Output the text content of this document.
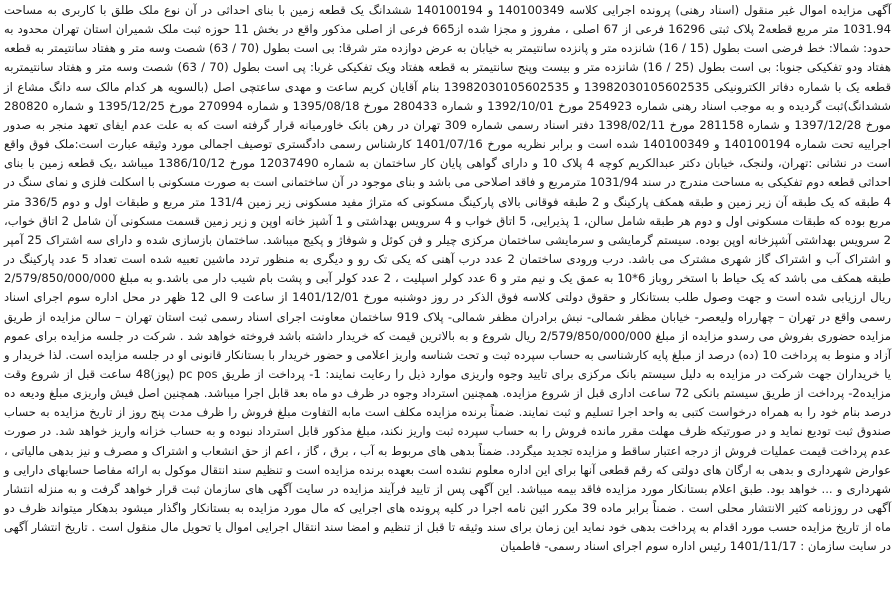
آگهی مزایده اموال غیر منقول (اسناد رهنی) پرونده اجرایی کلاسه 140100349 و 140100194 ششدانگ یک قطعه زمین با بنای احداثی در آن نوع ملک طلق با کاربری به مساحت 1031.94 متر مربع قطعه2 پلاک ثبتی 16296 فرعی از 67 اصلی ، مفروز و مجزا شده از665 فرعی از اصلی مذکور واقع در بخش 11 حوزه ثبت ملک شمیران استان تهران محدود به حدود: شمالا: خط فرضی است بطول (15 / 16) شانزده متر و پانزده سانتیمتر به خیابان به عرض دوازده متر شرقا: بی است بطول (70 / 63) شصت وسه متر و هفتاد سانتیمتر به قطعه هفتاد ودو تفکیکی جنوبا: بی است بطول (25 / 16) شانزده متر و بیست وپنج سانتیمتر به قطعه هفتاد ویک تفکیکی غربا: پی است بطول (70 / 63) شصت وسه متر و هفتاد سانتیمتربه قطعه یک با شماره دفاتر الکترونیکی 13982030105602535 و 13982030105602535 بنام آقایان کریم ساعت و مهدی ساعتچی اصل (بالسویه هر کدام مالک سه دانگ مشاع از ششدانگ)ثبت گردیده و به موجب اسناد رهنی شماره 254923 مورخ 1392/10/01 و شماره 280433 مورخ 1395/08/18 و شماره 270994 مورخ 1395/12/25 و شماره 280820 مورخ 1397/12/28 و شماره 281158 مورخ 1398/02/11 دفتر اسناد رسمی شماره 309 تهران در رهن بانک خاورمیانه قرار گرفته است که به علت عدم ایفای تعهد منجر به صدور اجراییه تحت شماره 140100194 و 140100349 شده است و برابر نظریه مورخ 1401/07/16 کارشناس رسمی دادگستری توصیف اجمالی مورد وثیقه عبارت است:ملک فوق واقع است در نشانی :تهران، ولنجک، خیابان دکتر عبدالکریم کوچه 4 پلاک 10 و دارای گواهی پایان کار ساختمان به شماره 12037490 مورخ 1386/10/12 میباشد ،یک قطعه زمین با بنای احداثی قطعه دوم تفکیکی به مساحت مندرج در سند 1031/94 مترمربع و فاقد اصلاحی می باشد و بنای موجود در آن ساختمانی است به صورت مسکونی با اسکلت فلزی و نمای سنگ در 4 طبقه که یک طبقه آن زیر زمین و طبقه همکف پارکینگ و 2 طبقه فوقانی بالای پارکینگ مسکونی که متراژ مفید مسکونی زیر زمین 131/4 متر مربع و طبقات اول و دوم 336/5 متر مربع بوده که طبقات مسکونی اول و دوم هر طبقه شامل سالن، 1 پذیرایی، 5 اتاق خواب و 4 سرویس بهداشتی و 1 آشپز خانه اوپن و زیر زمین قسمت مسکونی آن شامل 2 اتاق خواب، 2 سرویس بهداشتی آشپزخانه اوپن بوده. سیستم گرمایشی و سرمایشی ساختمان مرکزی چیلر و فن کوئل و شوفاژ و پکیج میباشد. ساختمان بازسازی شده و دارای سه اشتراک 25 آمپر و اشتراک آب و اشتراک گاز شهری مشترک می باشد. درب ورودی ساختمان 2 عدد درب آهنی که یکی تک رو و دیگری به منظور تردد ماشین تعبیه شده است تعداد 5 عدد پارکینگ در طبقه همکف می باشد که یک حیاط با استخر روباز 6*10 به عمق یک و نیم متر و 6 عدد کولر اسپلیت ، 2 عدد کولر آبی و پشت بام شیب دار می باشد.و به مبلغ 2/579/850/000/000 ریال ارزیابی شده است و جهت وصول طلب بستانکار و حقوق دولتی کلاسه فوق الذکر در روز دوشنبه مورخ 1401/12/01 از ساعت 9 الی 12 ظهر در محل اداره سوم اجرای اسناد رسمی واقع در تهران – چهارراه ولیعصر- خیابان مظفر شمالی- نبش برادران مظفر شمالی- پلاک 919 ساختمان معاونت اجرای اسناد رسمی ثبت استان تهران – سالن مزایده از طریق مزایده حضوری بفروش می رسدو مزایده از مبلغ 2/579/850/000/000 ریال شروع و به بالاترین قیمت که خریدار داشته باشد فروخته خواهد شد . شرکت در جلسه مزایده برای عموم آزاد و منوط به پرداخت 10 (ده) درصد از مبلغ پایه کارشناسی به حساب سپرده ثبت و تحت شناسه واریز اعلامی و حضور خریدار با بستانکار قانونی او در جلسه مزایده است. لذا خریدار و یا خریداران جهت شرکت در مزایده به دلیل سیستم بانک مرکزی برای تایید وجوه واریزی موارد ذیل را رعایت نمایند: 1- پرداخت از طریق pc pos (پوز)48 ساعت قبل از شروع وقت مزایده2- پرداخت از طریق سیستم بانکی 72 ساعت اداری قبل از شروع مزایده. همچنین استرداد وجوه در ظرف دو ماه بعد قابل اجرا میباشد. همچنین اصل فیش واریزی مبلغ ودیعه ده درصد بنام خود را به همراه درخواست کتبی به واحد اجرا تسلیم و ثبت نمایند. ضمناً برنده مزایده مکلف است مابه التفاوت مبلغ فروش را ظرف مدت پنج روز از تاریخ مزایده به حساب صندوق ثبت تودیع نماید و در صورتیکه ظرف مهلت مقرر مانده فروش را به حساب سپرده ثبت واریز نکند، مبلغ مذکور قابل استرداد نبوده و به حساب خزانه واریز خواهد شد. در صورت عدم پرداخت قیمت عملیات فروش از درجه اعتبار ساقط و مزایده تجدید میگردد. ضمناً بدهی های مربوط به آب ، برق ، گاز ، اعم از حق انشعاب و اشتراک و مصرف و نیز بدهی مالیاتی ، عوارض شهرداری و بدهی به ارگان های دولتی که رقم قطعی آنها برای این اداره معلوم نشده است بعهده برنده مزایده است و تنظیم سند انتقال موکول به ارائه مفاصا حسابهای دارایی و شهرداری و ... خواهد بود. طبق اعلام بستانکار مورد مزایده فاقد بیمه میباشد. این آگهی پس از تایید فرآیند مزایده در سایت آگهی های سازمان ثبت قرار خواهد گرفت و به منزله انتشار آگهی در روزنامه کثیر الانتشار محلی است . ضمناً برابر ماده 39 مکرر ائین نامه اجرا در کلیه پرونده های اجرایی که مال مورد مزایده به بستانکار واگذار میشود بدهکار میتواند ظرف دو ماه از تاریخ مزایده حسب مورد اقدام به پرداخت بدهی خود نماید این زمان برای سند وثیقه تا قبل از تنظیم و امضا سند انتقال اجرایی اموال یا تحویل مال منقول است . تاریخ انتشار آگهی در سایت سازمان : 1401/11/17 رئیس اداره سوم اجرای اسناد رسمی- فاطمیان
